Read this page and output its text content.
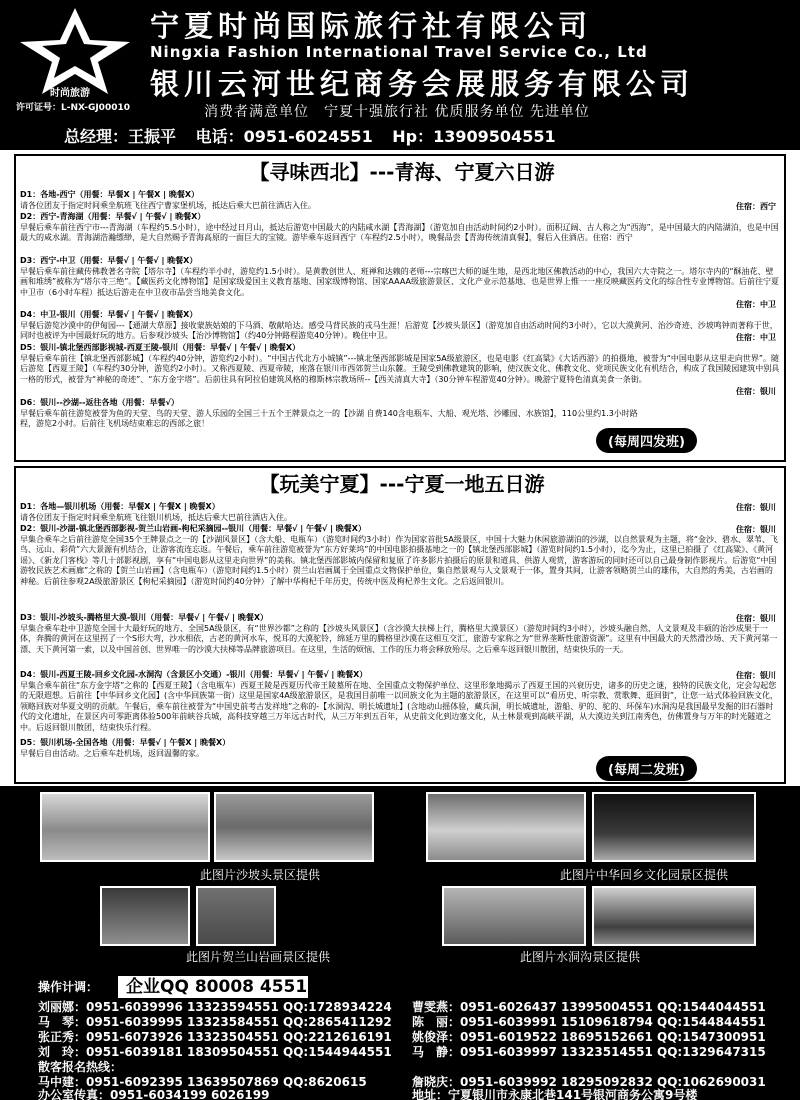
时尚旅游
许可证号：L-NX-GJ00010
宁夏时尚国际旅行社有限公司
Ningxia Fashion International Travel Service Co., Ltd
银川云河世纪商务会展服务有限公司
消费者满意单位　宁夏十强旅行社 优质服务单位 先进单位
总经理：王振平 电话：0951-6024551 Hp：13909504551
【寻味西北】---青海、宁夏六日游
D1：各地-西宁（用餐：早餐X | 午餐X | 晚餐X）
请各位团友于指定时间乘坐航班飞往西宁曹家堡机场，抵达后乘大巴前往酒店入住。	住宿：西宁
D2：西宁-青海湖（用餐：早餐√ | 午餐√ | 晚餐X）
早餐后乘车前往西宁市---青海湖（车程约5.5小时），途中经过日月山，抵达后游览中国最大的内陆咸水湖【青海湖】（游览加自由活动时间约2小时）。面积辽阔、古人称之为“西海”，是中国最大的内陆湖泊，也是中国最大的咸水湖。青海湖浩瀚缥缈，是大自然赐予青海高原的一面巨大的宝镜。游毕乘车返回西宁（车程约2.5小时），晚餐品尝【青海传统清真餐】，餐后入住酒店。住宿：西宁
D3：西宁-中卫（用餐：早餐√ | 午餐√ | 晚餐X）
早餐后乘车前往藏传佛教著名寺院【塔尔寺】（车程约半小时，游览约1.5小时）。是黄教创世人、班禅和达赖的老师---宗喀巴大师的诞生地，是西北地区佛教活动的中心，我国六大寺院之一。塔尔寺内的“酥油花、壁画和堆绣”被称为“塔尔寺三绝”。【藏医药文化博物馆】是国家级爱国主义教育基地、国家级博物馆、国家AAAA级旅游景区、文化产业示范基地、也是世界上惟一一座反映藏医药文化的综合性专业博物馆。后前往宁夏中卫市（6小时车程）抵达后游走在中卫夜市品尝当地美食文化。
住宿：中卫
D4：中卫-银川（用餐：早餐√ | 午餐√ | 晚餐X）
早餐后游览沙漠中的伊甸园---【通湖大草原】接收蒙族姑娘的下马酒、敬献哈达。感受马背民族的戎马生涯！后游览【沙坡头景区】（游览加自由活动时间约3小时），它以大漠黄河、治沙奇迹、沙坡鸣钟而著称于世，同时也被评为中国最好玩的地方。后参观沙坡头【治沙博物馆】（约40分钟路程游览40分钟）。晚住中卫。	住宿：中卫
D5：银川-镇北堡西部影视城-西夏王陵-银川（用餐：早餐√ | 午餐√ | 晚餐X）
早餐后乘车前往【镇北堡西部影城】（车程约40分钟，游览约2小时）。“中国古代北方小城镇”---镇北堡西部影城是国家5A级旅游区，也是电影《红高粱》《大话西游》的拍摄地，被誉为“中国电影从这里走向世界”。随后游览【西夏王陵】（车程约30分钟，游览约2小时）。又称西夏陵、西夏帝陵，座落在银川市西郊贺兰山东麓。王陵受到佛教建筑的影响，使汉族文化、佛教文化、党项民族文化有机结合，构成了我国陵园建筑中别具一格的形式，被誉为“神秘的奇迹”、“东方金字塔”。后前往具有阿拉伯建筑风格的穆斯林宗教场所--【西关清真大寺】（30分钟车程游览40分钟）。晚游宁夏特色清真美食一条街。
住宿：银川
D6：银川--沙湖--返往各地（用餐：早餐√）
早餐后乘车前往游览被誉为鱼的天堂、鸟的天堂、游人乐园的全国三十五个王牌景点之一的【沙湖 自费140含电瓶车、大船、观光塔、沙雕园、水族馆】，110公里约1.3小时路程，游览2小时。后前往飞机场结束难忘的西部之旅！
(每周四发班)
【玩美宁夏】---宁夏一地五日游
D1：各地—银川机场（用餐：早餐X | 午餐X | 晚餐X）
请各位团友于指定时间乘坐航班飞往银川机场，抵达后乘大巴前往酒店入住。
住宿：银川
D2：银川-沙湖-镇北堡西部影视-贺兰山岩画-枸杞采摘园--银川（用餐：早餐√ | 午餐√ | 晚餐X）
早集合乘车之后前往游览全国35个王牌景点之一的【沙湖风景区】（含大船、电瓶车）（游览时间约3小时）作为国家首批5A级景区，中国十大魅力休闲旅游湖泊的沙湖，以自然景观为主题，将“金沙、碧水、翠苇、飞鸟、远山、彩荷”六大景源有机结合，让游客流连忘返。午餐后，乘车前往游览被誉为“东方好莱坞”的中国电影拍摄基地之一的【镇北堡西部影城】（游览时间约1.5小时），迄今为止，这里已拍摄了《红高粱》、《黄河谣》、《新龙门客栈》等几十部影视剧，享有“中国电影从这里走向世界”的美称。镇北堡西部影城内保留和复原了许多影片拍摄后的原景和道具、供游人观赏，游客游玩的同时还可以自己最身制作影视片。后游览“中国游牧民族艺术画廊”之称的【贺兰山岩画】（含电瓶车）（游览时间约1.5小时）贺兰山岩画属于全国重点文物保护单位，集自然景观与人文景观于一体，置身其间，让游客领略贺兰山的雄伟，大自然的秀美，古岩画的神秘。后前往参观2A级旅游景区【枸杞采摘园】（游览时间约40分钟）了解中华枸杞千年历史，传统中医及枸杞养生文化。之后返回银川。
住宿：银川
D3：银川-沙坡头-腾格里大漠-银川（用餐：早餐√ | 午餐√ | 晚餐X）
早集合乘车赴中卫游览全国十大最好玩的地方、全国5A级景区，有“世界沙都”之称的【沙坡头风景区】（含沙漠大扶梯上行，腾格里大漠景区）（游览时间约3小时），沙坡头融自然、人文景观及丰硕的治沙成果于一体，奔腾的黄河在这里拐了一个S形大弯，沙水相依，古老的黄河水车，悦耳的大漠驼铃，绵延万里的腾格里沙漠在这相互交汇，旅游专家称之为“世界垄断性旅游资源”。这里有中国最大的天然滑沙场、天下黄河第一漂、天下黄河第一索，以及中国首创、世界唯一的沙漠大扶梯等品牌旅游项目。在这里，生活的烦恼、工作的压力将会释放殆尽。之后乘车返回银川散团，结束快乐的一天。
住宿：银川
D4：银川-西夏王陵-回乡文化园-水洞沟（含景区小交通）-银川（用餐：早餐√ | 午餐√ | 晚餐X）
早集合乘车前往“东方金字塔”之称的【西夏王陵】（含电瓶车）西夏王陵是西夏历代帝王陵墓所在地、全国重点文物保护单位、这里形象地揭示了西夏王国的兴衰历史，诸多的历史之谜，独特的民族文化，定会勾起您的无限遐想。后前往【中华回乡文化园】(含中华回族第一街）这里是国家4A级旅游景区，是我国目前唯一以回族文化为主题的旅游景区，在这里可以“看历史、听宗教、赏歌舞、逛回街”，让您一站式体验回族文化，领略回族对华夏文明的贡献。午餐后，乘车前往被誉为“中国史前考古发祥地”之称的-【水洞沟、明长城遗址】(含地动山摇体验，藏兵洞，明长城遗址，游船、驴的、驼的、环保车)水洞沟是我国最早发掘的旧石器时代的文化遗址，在景区内可零距离体验500年前峡谷兵城，高科技穿越三万年远古时代，从三万年到五百年，从史前文化到边塞文化，从土林景观到高峡平湖，从大漠边关到江南秀色，仿佛置身与万年的时光隧道之中。后返回银川散团，结束快乐行程。
住宿：银川
D5：银川机场-全国各地（用餐：早餐√ | 午餐X | 晚餐X）
早餐后自由活动。之后乘车赴机场，返回温馨的家。
(每周二发班)
此图片沙坡头景区提供	此图片中华回乡文化园景区提供
此图片贺兰山岩画景区提供	此图片水洞沟景区提供
操作计调：	企业QQ 80008 4551
刘丽娜：0951-6039996 13323594551 QQ:1728934224
马　琴：0951-6039995 13323584551 QQ:2865411292
张正秀：0951-6073926 13323504551 QQ:2212616191
刘　玲：0951-6039181 18309504551 QQ:1544944551
曹雯燕：0951-6026437 13995004551 QQ:1544044551
陈　丽：0951-6039991 15109618794 QQ:1544844551
姚俊泽：0951-6019522 18695152661 QQ:1547300951
马　静：0951-6039997 13323514551 QQ:1329647315
散客报名热线：
马中建：0951-6092395 13639507869 QQ:8620615	詹晓庆：0951-6039992 18295092832 QQ:1062690031
办公室传真：0951-6034199 6026199	地址：宁夏银川市永康北巷141号银河商务公寓9号楼
